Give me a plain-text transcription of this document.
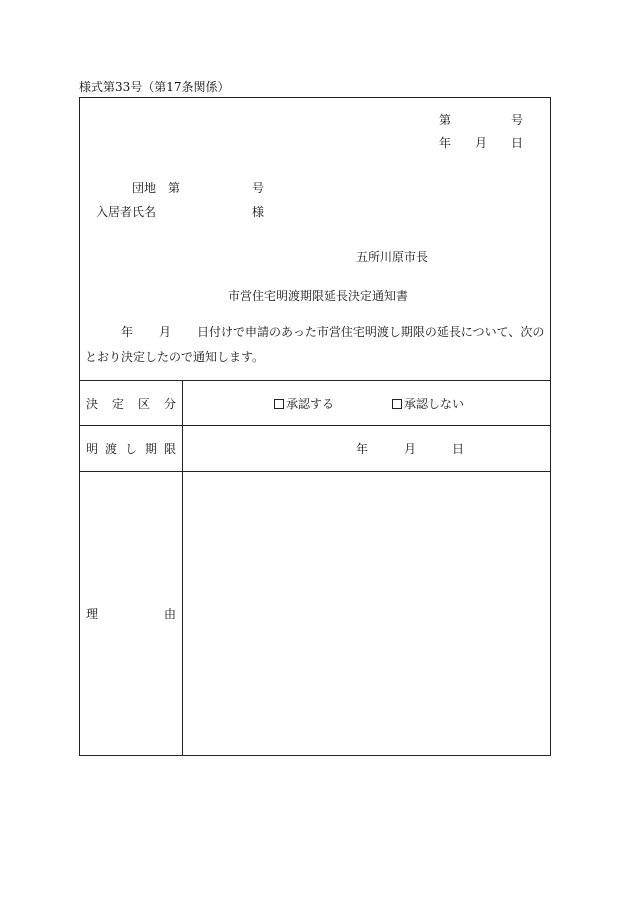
様式第33号（第17条関係）
第	号
年 月 日
団地 第	号
入居者氏名	様
五所川原市長
市営住宅明渡期限延長決定通知書
年 月 日付けで申請のあった市営住宅明渡し期限の延長について、次の
とおり決定したので通知します。
決 定 区 分	承認する	承認しない
明 渡 し 期 限	年	月	日
理	由
